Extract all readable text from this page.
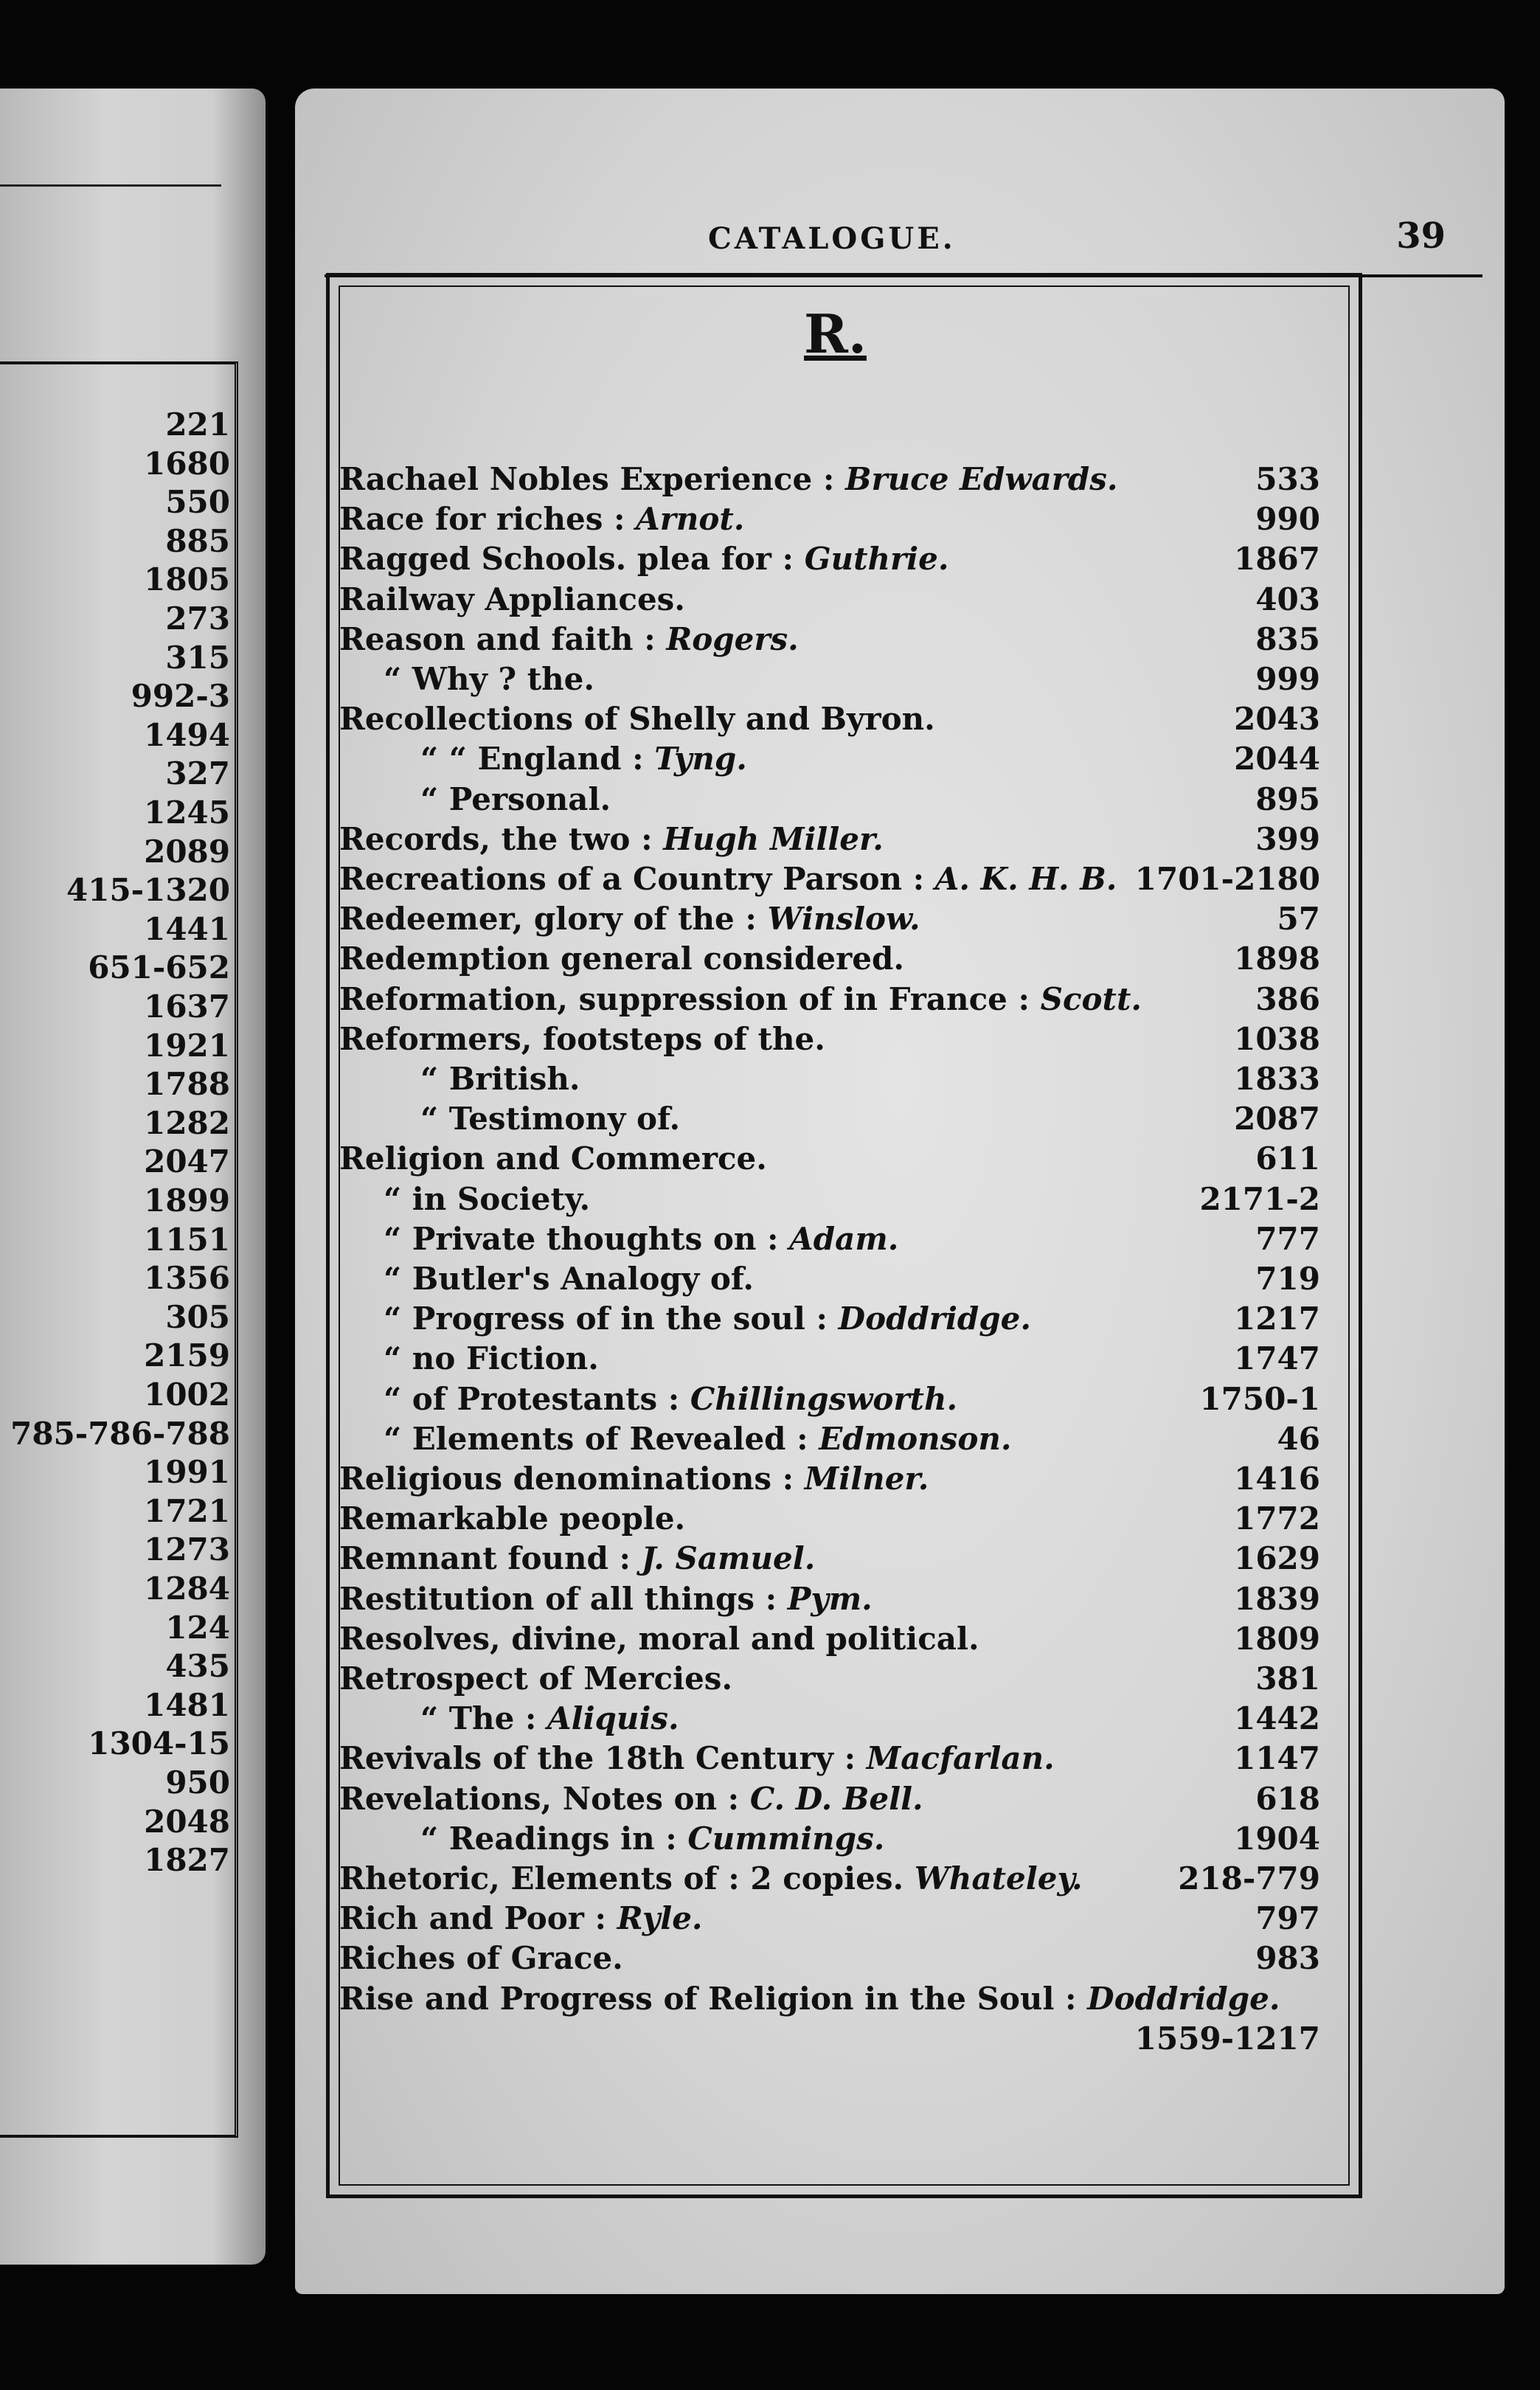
221
1680
550
885
1805
273
315
992-3
1494
327
1245
2089
415-1320
1441
651-652
1637
1921
1788
1282
2047
1899
1151
1356
305
2159
1002
785-786-788
1991
1721
1273
1284
124
435
1481
1304-15
950
2048
1827
CATALOGUE.	39
R.
Rachael Nobles Experience : Bruce Edwards.	533
Race for riches : Arnot.	990
Ragged Schools. plea for : Guthrie.	1867
Railway Appliances.	403
Reason and faith : Rogers.	835
“ Why ? the.	999
Recollections of Shelly and Byron.	2043
“ “ England : Tyng.	2044
“ Personal.	895
Records, the two : Hugh Miller.	399
Recreations of a Country Parson : A. K. H. B. 1701-2180
Redeemer, glory of the : Winslow.	57
Redemption general considered.	1898
Reformation, suppression of in France : Scott.	386
Reformers, footsteps of the.	1038
“ British.	1833
“ Testimony of.	2087
Religion and Commerce.	611
“ in Society.	2171-2
“ Private thoughts on : Adam.	777
“ Butler's Analogy of.	719
“ Progress of in the soul : Doddridge.	1217
“ no Fiction.	1747
“ of Protestants : Chillingsworth.	1750-1
“ Elements of Revealed : Edmonson.	46
Religious denominations : Milner.	1416
Remarkable people.	1772
Remnant found : J. Samuel.	1629
Restitution of all things : Pym.	1839
Resolves, divine, moral and political.	1809
Retrospect of Mercies.	381
“ The : Aliquis.	1442
Revivals of the 18th Century : Macfarlan.	1147
Revelations, Notes on : C. D. Bell.	618
“ Readings in : Cummings.	1904
Rhetoric, Elements of : 2 copies. Whateley.	218-779
Rich and Poor : Ryle.	797
Riches of Grace.	983
Rise and Progress of Religion in the Soul : Doddridge.
1559-1217
